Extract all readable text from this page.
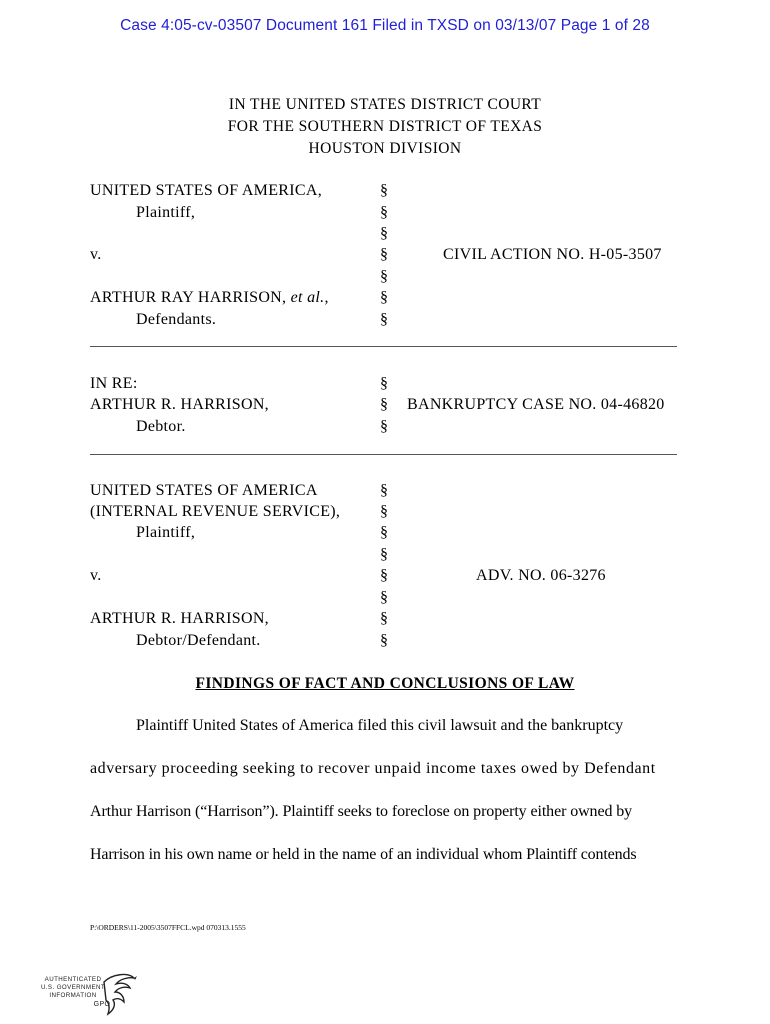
Case 4:05-cv-03507 Document 161 Filed in TXSD on 03/13/07 Page 1 of 28
IN THE UNITED STATES DISTRICT COURT
FOR THE SOUTHERN DISTRICT OF TEXAS
HOUSTON DIVISION
UNITED STATES OF AMERICA,
Plaintiff,
v.
ARTHUR RAY HARRISON, et al.,
Defendants.
CIVIL ACTION NO. H-05-3507
§
§
§
§
§
§
§
IN RE:
ARTHUR R. HARRISON,
Debtor.
BANKRUPTCY CASE NO. 04-46820
§
§
§
UNITED STATES OF AMERICA
(INTERNAL REVENUE SERVICE),
Plaintiff,
v.
ARTHUR R. HARRISON,
Debtor/Defendant.
ADV. NO. 06-3276
§
§
§
§
§
§
§
§
FINDINGS OF FACT AND CONCLUSIONS OF LAW
Plaintiff United States of America filed this civil lawsuit and the bankruptcy
adversary proceeding seeking to recover unpaid income taxes owed by Defendant
Arthur Harrison (“Harrison”). Plaintiff seeks to foreclose on property either owned by
Harrison in his own name or held in the name of an individual whom Plaintiff contends
P:\ORDERS\11-2005\3507FFCL.wpd 070313.1555
AUTHENTICATED
U.S. GOVERNMENT
INFORMATION
GPO
